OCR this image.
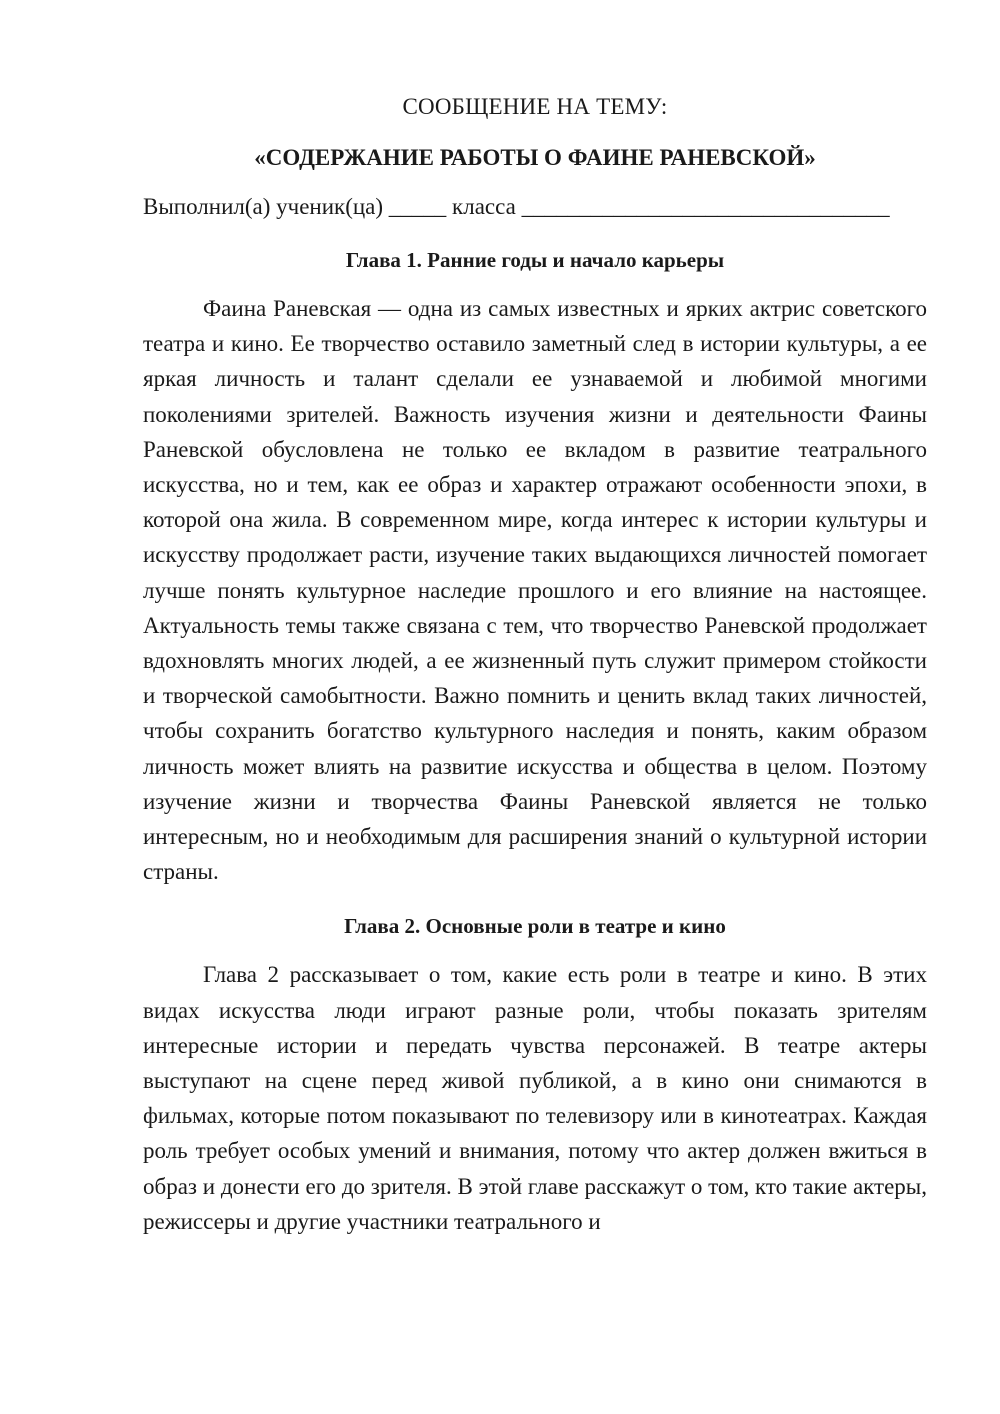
СООБЩЕНИЕ НА ТЕМУ:

«СОДЕРЖАНИЕ РАБОТЫ О ФАИНЕ РАНЕВСКОЙ»

Выполнил(а) ученик(ца) _____ класса ________________________________

Глава 1. Ранние годы и начало карьеры

Фаина Раневская — одна из самых известных и ярких актрис советского театра и кино. Ее творчество оставило заметный след в истории культуры, а ее яркая личность и талант сделали ее узнаваемой и любимой многими поколениями зрителей. Важность изучения жизни и деятельности Фаины Раневской обусловлена не только ее вкладом в развитие театрального искусства, но и тем, как ее образ и характер отражают особенности эпохи, в которой она жила. В современном мире, когда интерес к истории культуры и искусству продолжает расти, изучение таких выдающихся личностей помогает лучше понять культурное наследие прошлого и его влияние на настоящее. Актуальность темы также связана с тем, что творчество Раневской продолжает вдохновлять многих людей, а ее жизненный путь служит примером стойкости и творческой самобытности. Важно помнить и ценить вклад таких личностей, чтобы сохранить богатство культурного наследия и понять, каким образом личность может влиять на развитие искусства и общества в целом. Поэтому изучение жизни и творчества Фаины Раневской является не только интересным, но и необходимым для расширения знаний о культурной истории страны.

Глава 2. Основные роли в театре и кино

Глава 2 рассказывает о том, какие есть роли в театре и кино. В этих видах искусства люди играют разные роли, чтобы показать зрителям интересные истории и передать чувства персонажей. В театре актеры выступают на сцене перед живой публикой, а в кино они снимаются в фильмах, которые потом показывают по телевизору или в кинотеатрах. Каждая роль требует особых умений и внимания, потому что актер должен вжиться в образ и донести его до зрителя. В этой главе расскажут о том, кто такие актеры, режиссеры и другие участники театрального и
